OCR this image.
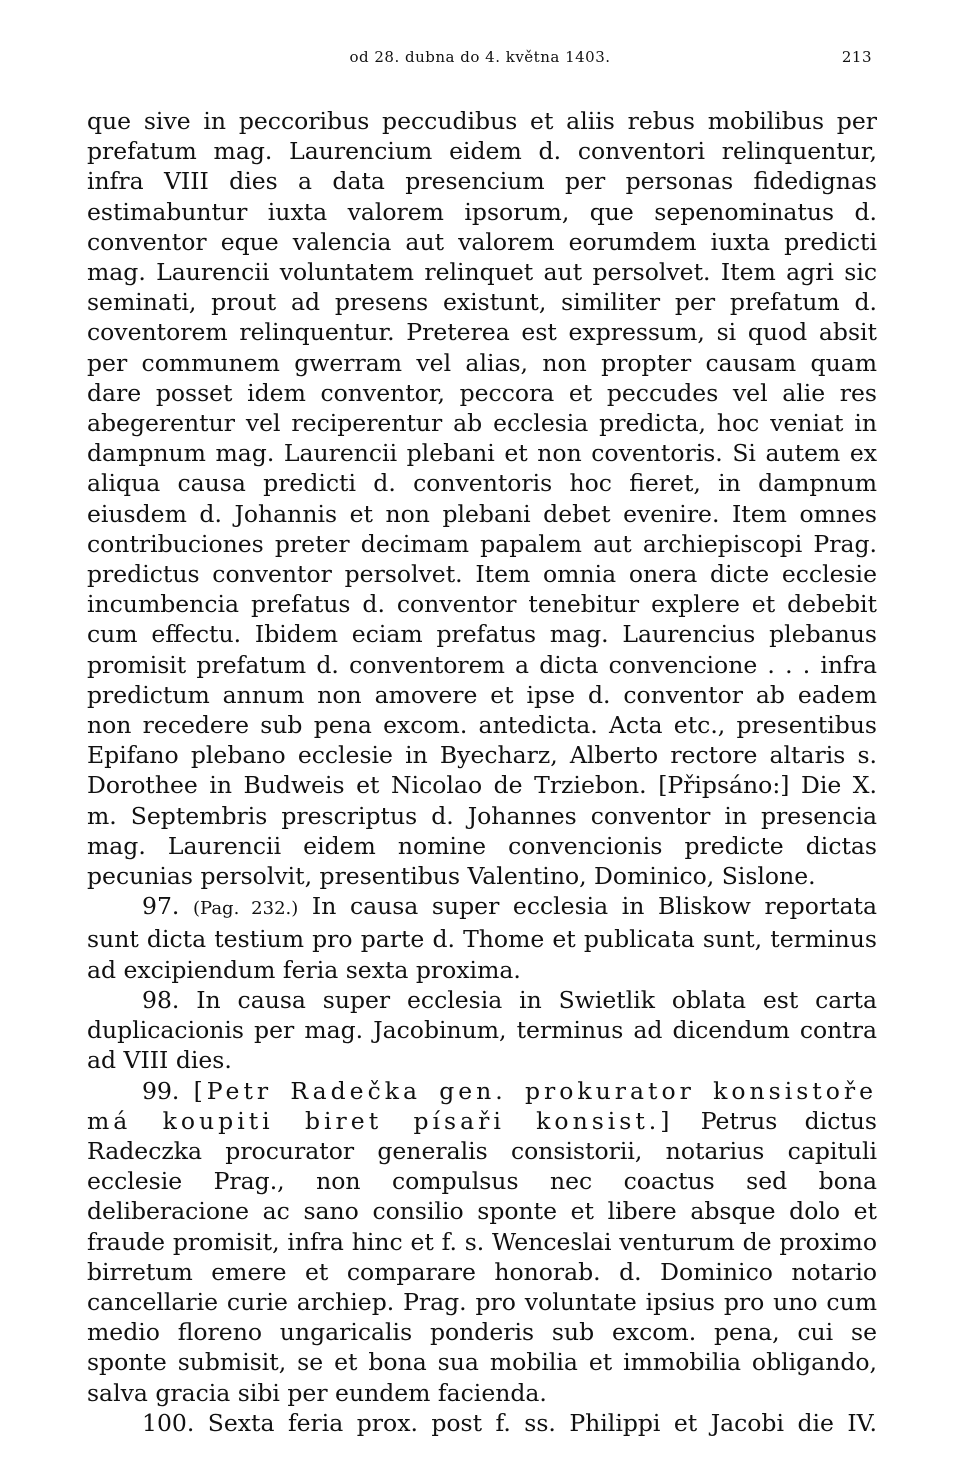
od 28. dubna do 4. května 1403.	213

que sive in peccoribus peccudibus et aliis rebus mobilibus per prefatum mag. Laurencium eidem d. conventori relinquentur, infra VIII dies a data presencium per personas fidedignas estimabuntur iuxta valorem ipsorum, que sepenominatus d. conventor eque valencia aut valorem eorumdem iuxta predicti mag. Laurencii voluntatem relinquet aut persolvet. Item agri sic seminati, prout ad presens existunt, similiter per prefatum d. coventorem relinquentur. Preterea est expressum, si quod absit per communem gwerram vel alias, non propter causam quam dare posset idem conventor, peccora et peccudes vel alie res abegerentur vel reciperentur ab ecclesia predicta, hoc veniat in dampnum mag. Laurencii plebani et non coventoris. Si autem ex aliqua causa predicti d. conventoris hoc fieret, in dampnum eiusdem d. Johannis et non plebani debet evenire. Item omnes contribuciones preter decimam papalem aut archiepiscopi Prag. predictus conventor persolvet. Item omnia onera dicte ecclesie incumbencia prefatus d. conventor tenebitur explere et debebit cum effectu. Ibidem eciam prefatus mag. Laurencius plebanus promisit prefatum d. conventorem a dicta convencione . . . infra predictum annum non amovere et ipse d. conventor ab eadem non recedere sub pena excom. antedicta. Acta etc., presentibus Epifano plebano ecclesie in Byecharz, Alberto rectore altaris s. Dorothee in Budweis et Nicolao de Trziebon. [Připsáno:] Die X. m. Septembris prescriptus d. Johannes conventor in presencia mag. Laurencii eidem nomine convencionis predicte dictas pecunias persolvit, presentibus Valentino, Dominico, Sislone.

97. (Pag. 232.) In causa super ecclesia in Bliskow reportata sunt dicta testium pro parte d. Thome et publicata sunt, terminus ad excipiendum feria sexta proxima.

98. In causa super ecclesia in Swietlik oblata est carta duplicacionis per mag. Jacobinum, terminus ad dicendum contra ad VIII dies.

99. [Petr Radečka gen. prokurator konsistoře má koupiti biret písaři konsist.] Petrus dictus Radeczka procurator generalis consistorii, notarius capituli ecclesie Prag., non compulsus nec coactus sed bona deliberacione ac sano consilio sponte et libere absque dolo et fraude promisit, infra hinc et f. s. Wenceslai venturum de proximo birretum emere et comparare honorab. d. Dominico notario cancellarie curie archiep. Prag. pro voluntate ipsius pro uno cum medio floreno ungaricalis ponderis sub excom. pena, cui se sponte submisit, se et bona sua mobilia et immobilia obligando, salva gracia sibi per eundem facienda.

100. Sexta feria prox. post f. ss. Philippi et Jacobi die IV.
